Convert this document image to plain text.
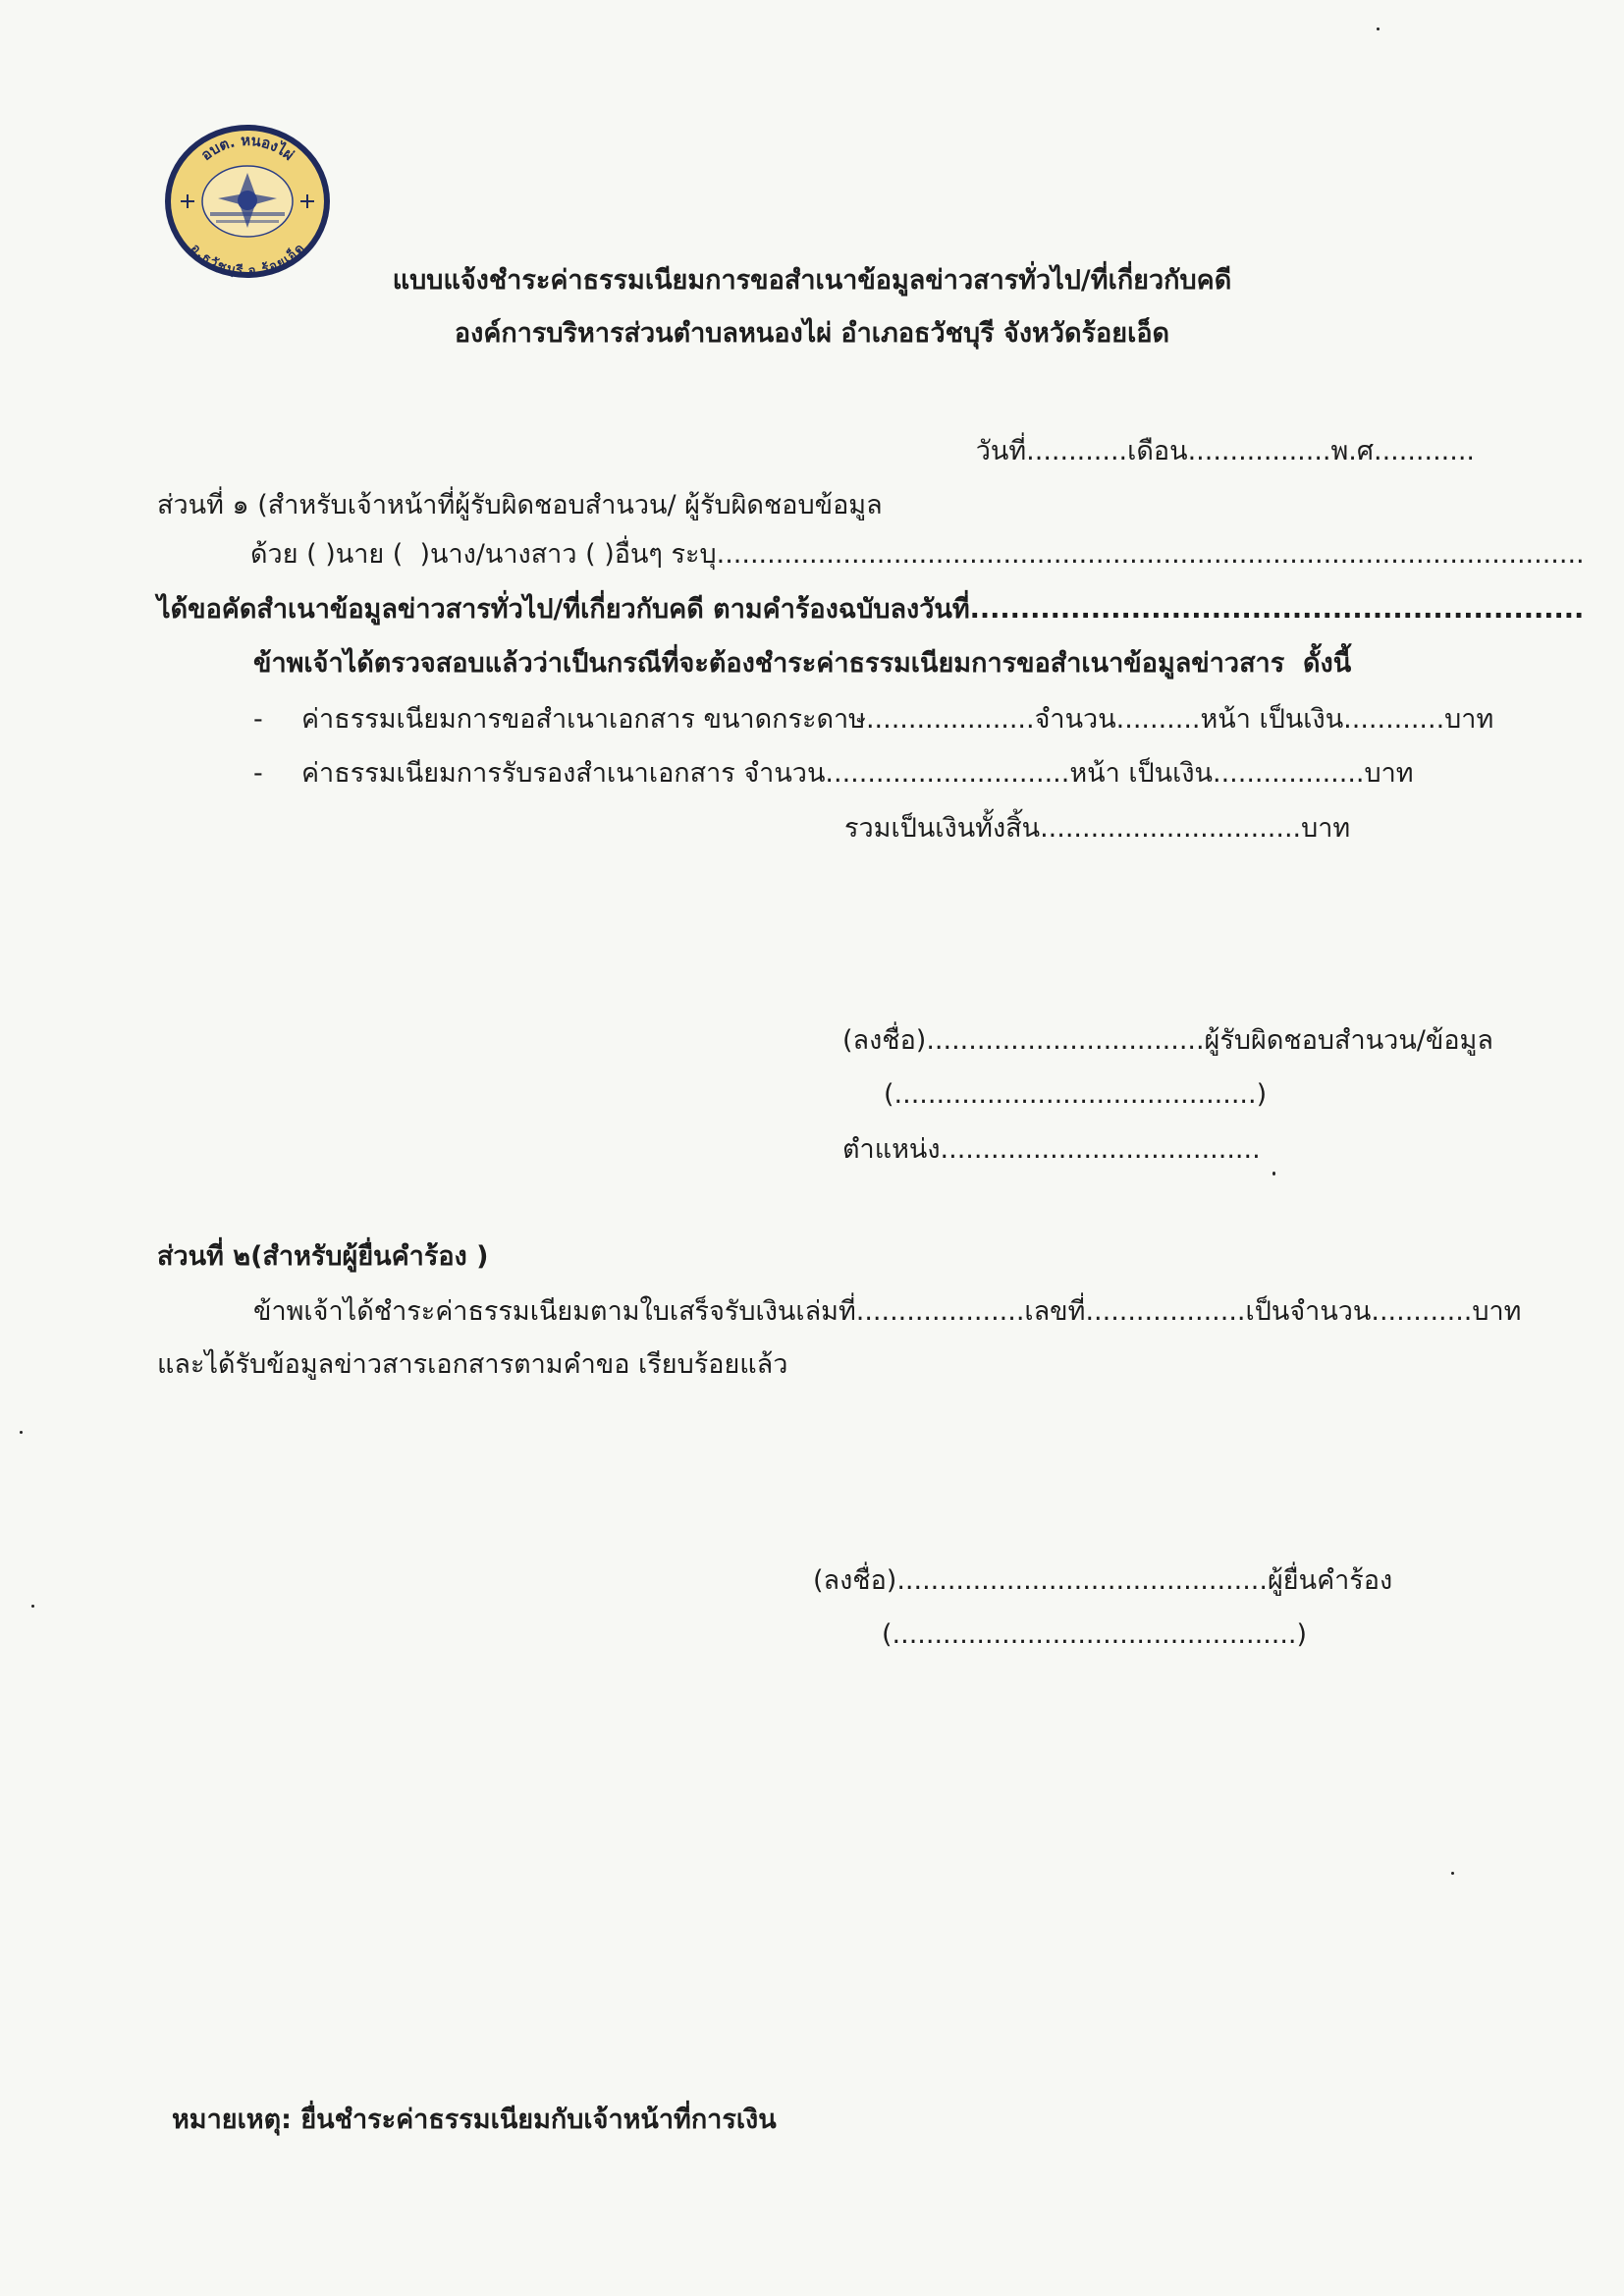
อบต. หนองไผ่
อ.ธวัชบุรี จ.ร้อยเอ็ด
แบบแจ้งชำระค่าธรรมเนียมการขอสำเนาข้อมูลข่าวสารทั่วไป/ที่เกี่ยวกับคดี
องค์การบริหารส่วนตำบลหนองไผ่ อำเภอธวัชบุรี จังหวัดร้อยเอ็ด
วันที่............เดือน.................พ.ศ............
ส่วนที่ ๑ (สำหรับเจ้าหน้าที่ผู้รับผิดชอบสำนวน/ ผู้รับผิดชอบข้อมูล
ด้วย ( )นาย (  )นาง/นางสาว ( )อื่นๆ ระบุ.......................................................................................................
ได้ขอคัดสำเนาข้อมูลข่าวสารทั่วไป/ที่เกี่ยวกับคดี ตามคำร้องฉบับลงวันที่.............................................................
ข้าพเจ้าได้ตรวจสอบแล้วว่าเป็นกรณีที่จะต้องชำระค่าธรรมเนียมการขอสำเนาข้อมูลข่าวสาร  ดั้งนี้
- ค่าธรรมเนียมการขอสำเนาเอกสาร ขนาดกระดาษ....................จำนวน..........หน้า เป็นเงิน............บาท
- ค่าธรรมเนียมการรับรองสำเนาเอกสาร จำนวน.............................หน้า เป็นเงิน..................บาท
รวมเป็นเงินทั้งสิ้น...............................บาท
(ลงชื่อ).................................ผู้รับผิดชอบสำนวน/ข้อมูล
(...........................................)
ตำแหน่ง......................................
ส่วนที่ ๒(สำหรับผู้ยื่นคำร้อง )
ข้าพเจ้าได้ชำระค่าธรรมเนียมตามใบเสร็จรับเงินเล่มที่....................เลขที่...................เป็นจำนวน............บาท
และได้รับข้อมูลข่าวสารเอกสารตามคำขอ เรียบร้อยแล้ว
(ลงชื่อ)............................................ผู้ยื่นคำร้อง
(................................................)
หมายเหตุ: ยื่นชำระค่าธรรมเนียมกับเจ้าหน้าที่การเงิน
